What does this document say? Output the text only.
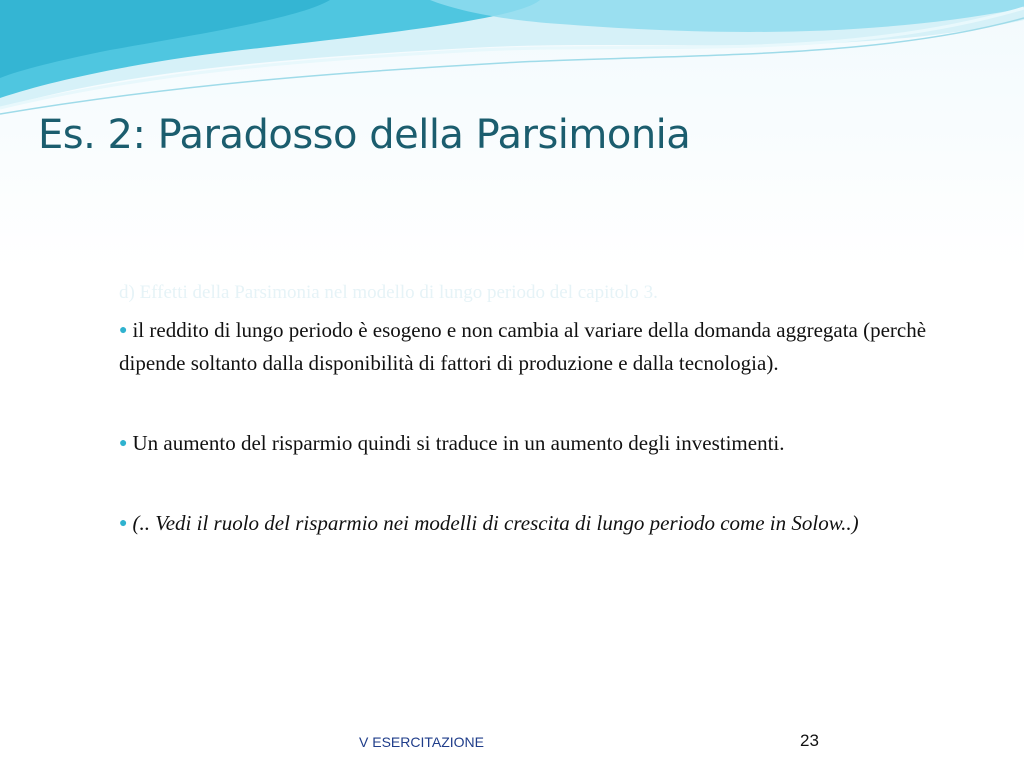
Es. 2: Paradosso della Parsimonia

d) Effetti della Parsimonia nel modello di lungo periodo del capitolo 3.

● il reddito di lungo periodo è esogeno e non cambia al variare della domanda aggregata (perchè dipende soltanto dalla disponibilità di fattori di produzione e dalla tecnologia).

● Un aumento del risparmio quindi si traduce in un aumento degli investimenti.

● (.. Vedi il ruolo del risparmio nei modelli di crescita di lungo periodo come in Solow..)

V ESERCITAZIONE	23
